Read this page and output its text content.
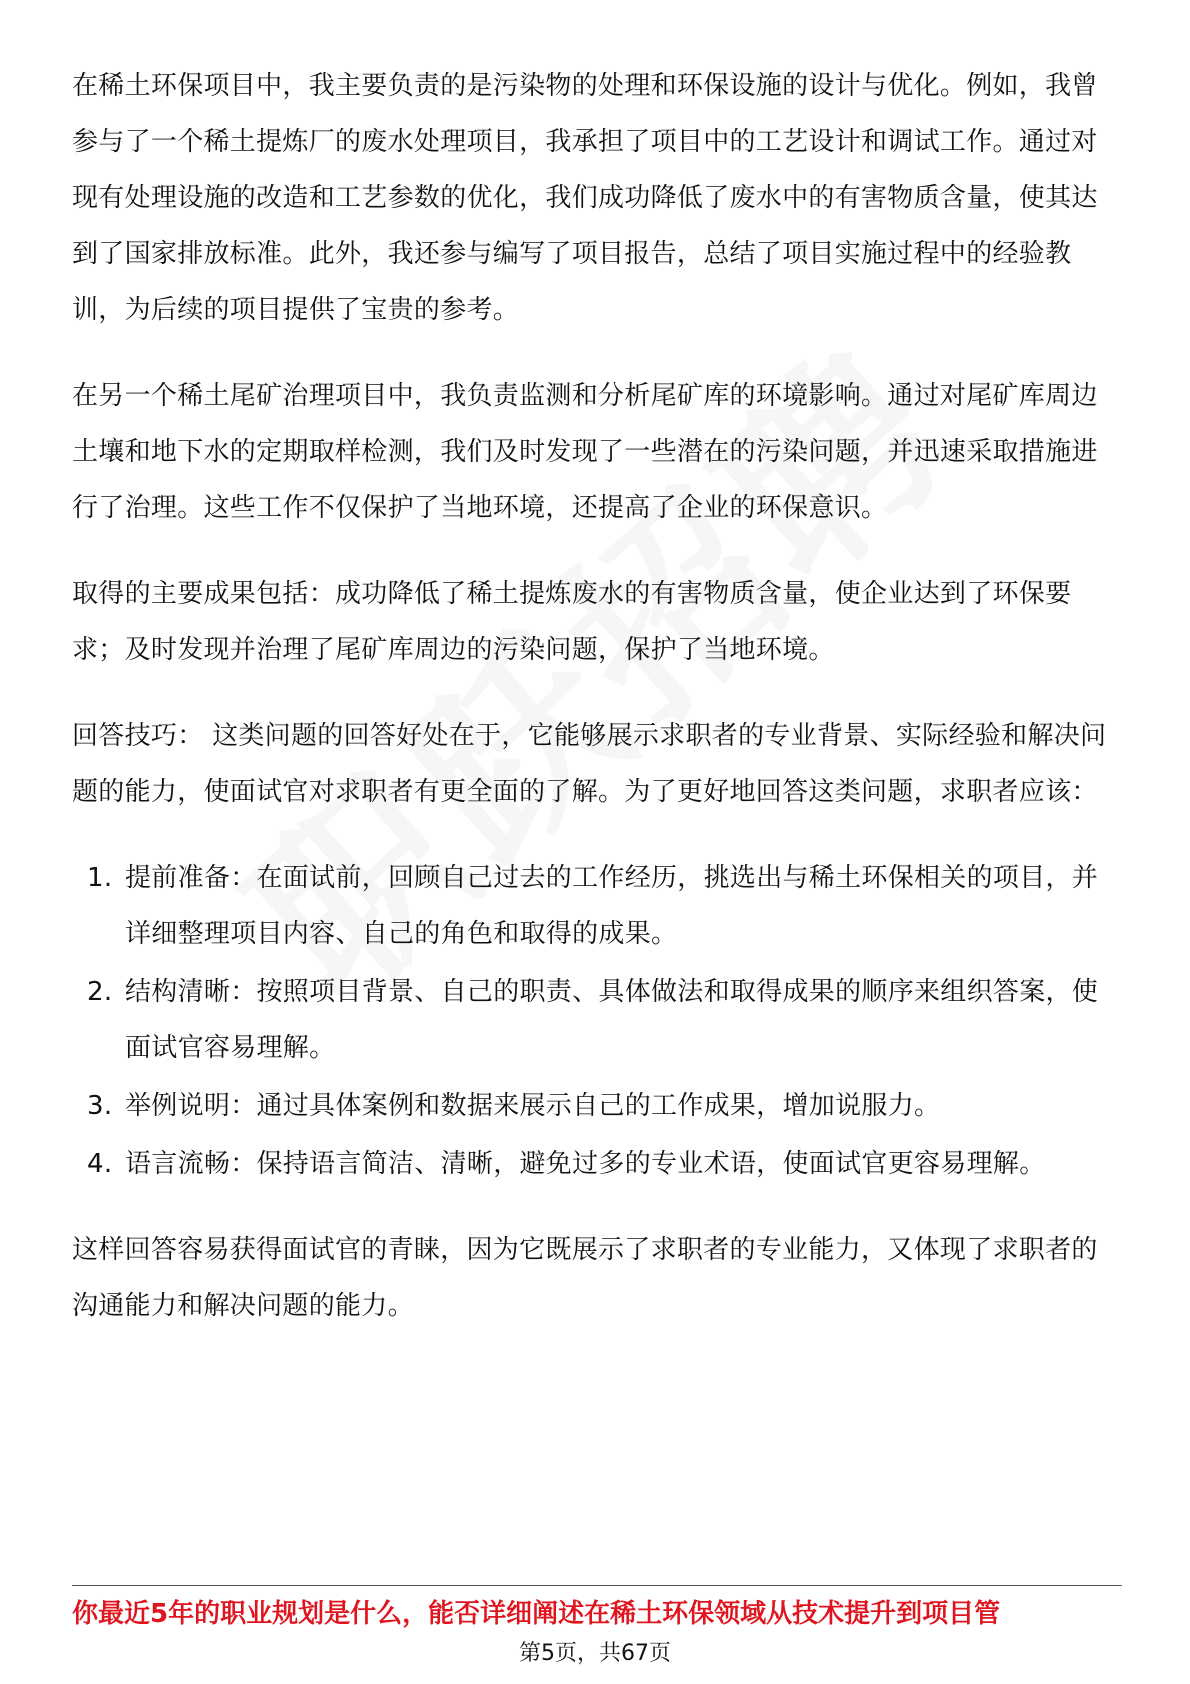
在稀土环保项目中，我主要负责的是污染物的处理和环保设施的设计与优化。例如，我曾参与了一个稀土提炼厂的废水处理项目，我承担了项目中的工艺设计和调试工作。通过对现有处理设施的改造和工艺参数的优化，我们成功降低了废水中的有害物质含量，使其达到了国家排放标准。此外，我还参与编写了项目报告，总结了项目实施过程中的经验教训，为后续的项目提供了宝贵的参考。

在另一个稀土尾矿治理项目中，我负责监测和分析尾矿库的环境影响。通过对尾矿库周边土壤和地下水的定期取样检测，我们及时发现了一些潜在的污染问题，并迅速采取措施进行了治理。这些工作不仅保护了当地环境，还提高了企业的环保意识。

取得的主要成果包括：成功降低了稀土提炼废水的有害物质含量，使企业达到了环保要求；及时发现并治理了尾矿库周边的污染问题，保护了当地环境。

回答技巧： 这类问题的回答好处在于，它能够展示求职者的专业背景、实际经验和解决问题的能力，使面试官对求职者有更全面的了解。为了更好地回答这类问题，求职者应该：

1. 提前准备：在面试前，回顾自己过去的工作经历，挑选出与稀土环保相关的项目，并详细整理项目内容、自己的角色和取得的成果。
2. 结构清晰：按照项目背景、自己的职责、具体做法和取得成果的顺序来组织答案，使面试官容易理解。
3. 举例说明：通过具体案例和数据来展示自己的工作成果，增加说服力。
4. 语言流畅：保持语言简洁、清晰，避免过多的专业术语，使面试官更容易理解。

这样回答容易获得面试官的青睐，因为它既展示了求职者的专业能力，又体现了求职者的沟通能力和解决问题的能力。

你最近5年的职业规划是什么，能否详细阐述在稀土环保领域从技术提升到项目管
第5页，共67页
